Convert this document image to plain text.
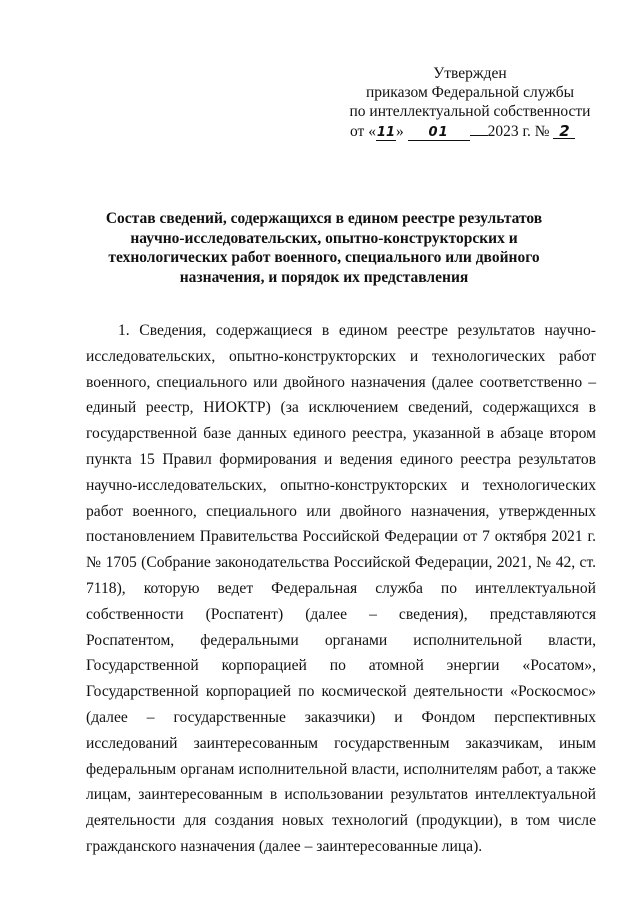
Утвержден
приказом Федеральной службы
по интеллектуальной собственности
от «11» 01	2023 г. № 2
Состав сведений, содержащихся в едином реестре результатов научно-исследовательских, опытно-конструкторских и технологических работ военного, специального или двойного назначения, и порядок их представления
1. Сведения, содержащиеся в едином реестре результатов научно-исследовательских, опытно-конструкторских и технологических работ военного, специального или двойного назначения (далее соответственно – единый реестр, НИОКТР) (за исключением сведений, содержащихся в государственной базе данных единого реестра, указанной в абзаце втором пункта 15 Правил формирования и ведения единого реестра результатов научно-исследовательских, опытно-конструкторских и технологических работ военного, специального или двойного назначения, утвержденных постановлением Правительства Российской Федерации от 7 октября 2021 г. № 1705 (Собрание законодательства Российской Федерации, 2021, № 42, ст. 7118), которую ведет Федеральная служба по интеллектуальной собственности (Роспатент) (далее – сведения), представляются Роспатентом, федеральными органами исполнительной власти, Государственной корпорацией по атомной энергии «Росатом», Государственной корпорацией по космической деятельности «Роскосмос» (далее – государственные заказчики) и Фондом перспективных исследований заинтересованным государственным заказчикам, иным федеральным органам исполнительной власти, исполнителям работ, а также лицам, заинтересованным в использовании результатов интеллектуальной деятельности для создания новых технологий (продукции), в том числе гражданского назначения (далее – заинтересованные лица).
